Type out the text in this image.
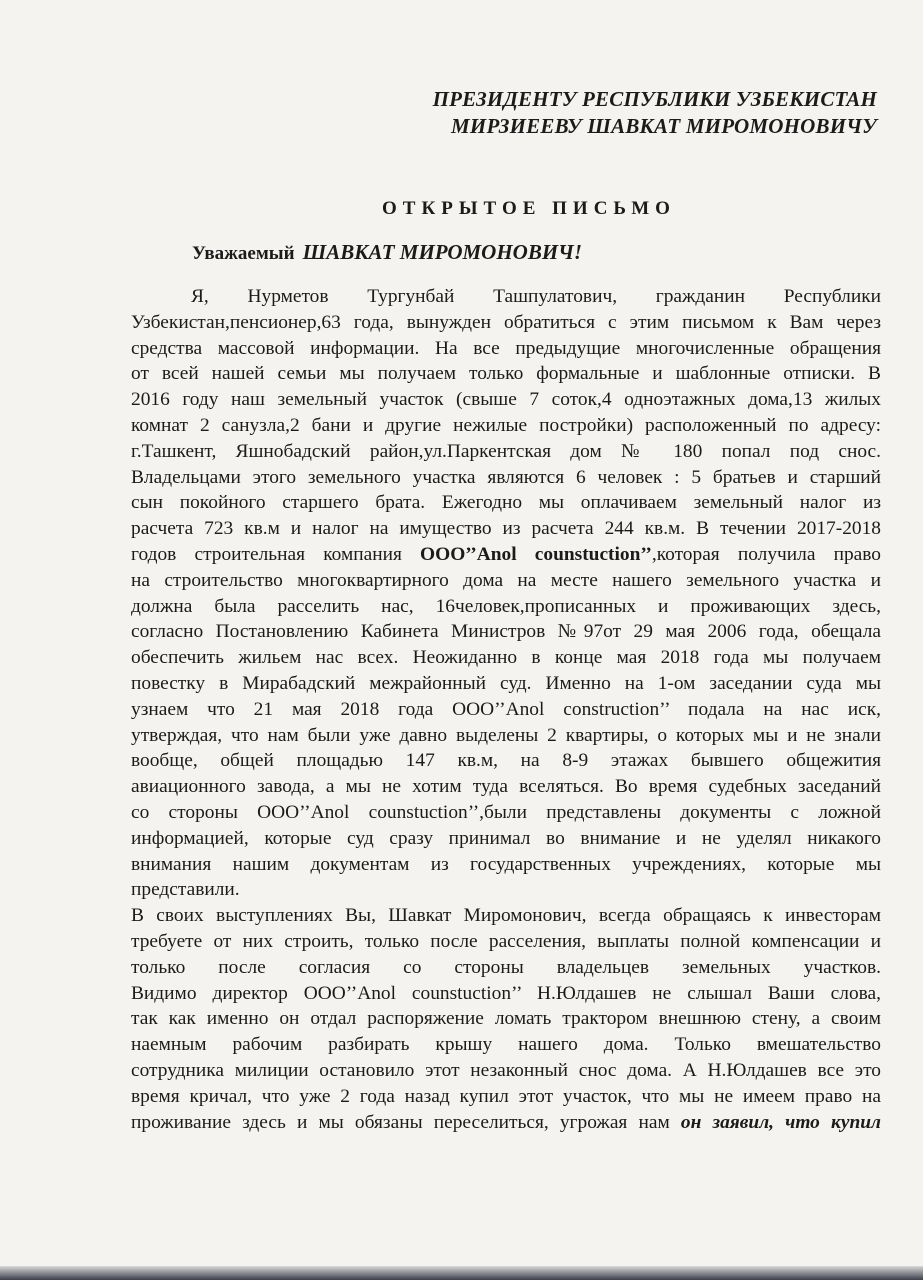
ПРЕЗИДЕНТУ РЕСПУБЛИКИ УЗБЕКИСТАН
МИРЗИЕЕВУ ШАВКАТ МИРОМОНОВИЧУ
ОТКРЫТОЕ ПИСЬМО
Уважаемый ШАВКАТ МИРОМОНОВИЧ!
Я, Нурметов Тургунбай Ташпулатович, гражданин Республики
Узбекистан,пенсионер,63 года, вынужден обратиться с этим письмом к Вам через
средства массовой информации. На все предыдущие многочисленные обращения
от всей нашей семьи мы получаем только формальные и шаблонные отписки. В
2016 году наш земельный участок (свыше 7 соток,4 одноэтажных дома,13 жилых
комнат 2 санузла,2 бани и другие нежилые постройки) расположенный по адресу:
г.Ташкент, Яшнобадский район,ул.Паркентская дом № 180 попал под снос.
Владельцами этого земельного участка являются 6 человек : 5 братьев и старший
сын покойного старшего брата. Ежегодно мы оплачиваем земельный налог из
расчета 723 кв.м и налог на имущество из расчета 244 кв.м. В течении 2017-2018
годов строительная компания ООО’’Anol counstuction’’,которая получила право
на строительство многоквартирного дома на месте нашего земельного участка и
должна была расселить нас, 16человек,прописанных и проживающих здесь,
согласно Постановлению Кабинета Министров №97от 29 мая 2006 года, обещала
обеспечить жильем нас всех. Неожиданно в конце мая 2018 года мы получаем
повестку в Мирабадский межрайонный суд. Именно на 1-ом заседании суда мы
узнаем что 21 мая 2018 года ООО’’Anol construction’’ подала на нас иск,
утверждая, что нам были уже давно выделены 2 квартиры, о которых мы и не знали
вообще, общей площадью 147 кв.м, на 8-9 этажах бывшего общежития
авиационного завода, а мы не хотим туда вселяться. Во время судебных заседаний
со стороны ООО’’Anol counstuction’’,были представлены документы с ложной
информацией, которые суд сразу принимал во внимание и не уделял никакого
внимания нашим документам из государственных учреждениях, которые мы
представили.
В своих выступлениях Вы, Шавкат Миромонович, всегда обращаясь к инвесторам
требуете от них строить, только после расселения, выплаты полной компенсации и
только после согласия со стороны владельцев земельных участков.
Видимо директор ООО’’Anol counstuction’’ Н.Юлдашев не слышал Ваши слова,
так как именно он отдал распоряжение ломать трактором внешнюю стену, а своим
наемным рабочим разбирать крышу нашего дома. Только вмешательство
сотрудника милиции остановило этот незаконный снос дома. А Н.Юлдашев все это
время кричал, что уже 2 года назад купил этот участок, что мы не имеем право на
проживание здесь и мы обязаны переселиться, угрожая нам он заявил, что купил
